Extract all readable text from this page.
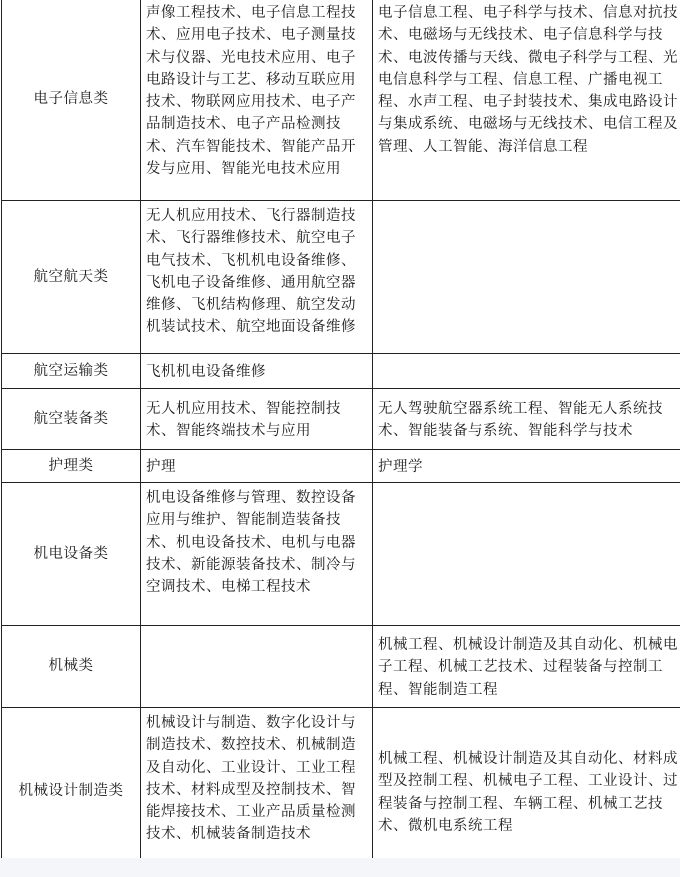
电子信息类	声像工程技术、电子信息工程技术、应用电子技术、电子测量技术与仪器、光电技术应用、电子电路设计与工艺、移动互联应用技术、物联网应用技术、电子产品制造技术、电子产品检测技术、汽车智能技术、智能产品开发与应用、智能光电技术应用	电子信息工程、电子科学与技术、信息对抗技术、电磁场与无线技术、电子信息科学与技术、电波传播与天线、微电子科学与工程、光电信息科学与工程、信息工程、广播电视工程、水声工程、电子封装技术、集成电路设计与集成系统、电磁场与无线技术、电信工程及管理、人工智能、海洋信息工程
航空航天类	无人机应用技术、飞行器制造技术、飞行器维修技术、航空电子电气技术、飞机机电设备维修、飞机电子设备维修、通用航空器维修、飞机结构修理、航空发动机装试技术、航空地面设备维修	
航空运输类	飞机机电设备维修	
航空装备类	无人机应用技术、智能控制技术、智能终端技术与应用	无人驾驶航空器系统工程、智能无人系统技术、智能装备与系统、智能科学与技术
护理类	护理	护理学
机电设备类	机电设备维修与管理、数控设备应用与维护、智能制造装备技术、机电设备技术、电机与电器技术、新能源装备技术、制冷与空调技术、电梯工程技术	
机械类		机械工程、机械设计制造及其自动化、机械电子工程、机械工艺技术、过程装备与控制工程、智能制造工程
机械设计制造类	机械设计与制造、数字化设计与制造技术、数控技术、机械制造及自动化、工业设计、工业工程技术、材料成型及控制技术、智能焊接技术、工业产品质量检测技术、机械装备制造技术	机械工程、机械设计制造及其自动化、材料成型及控制工程、机械电子工程、工业设计、过程装备与控制工程、车辆工程、机械工艺技术、微机电系统工程
